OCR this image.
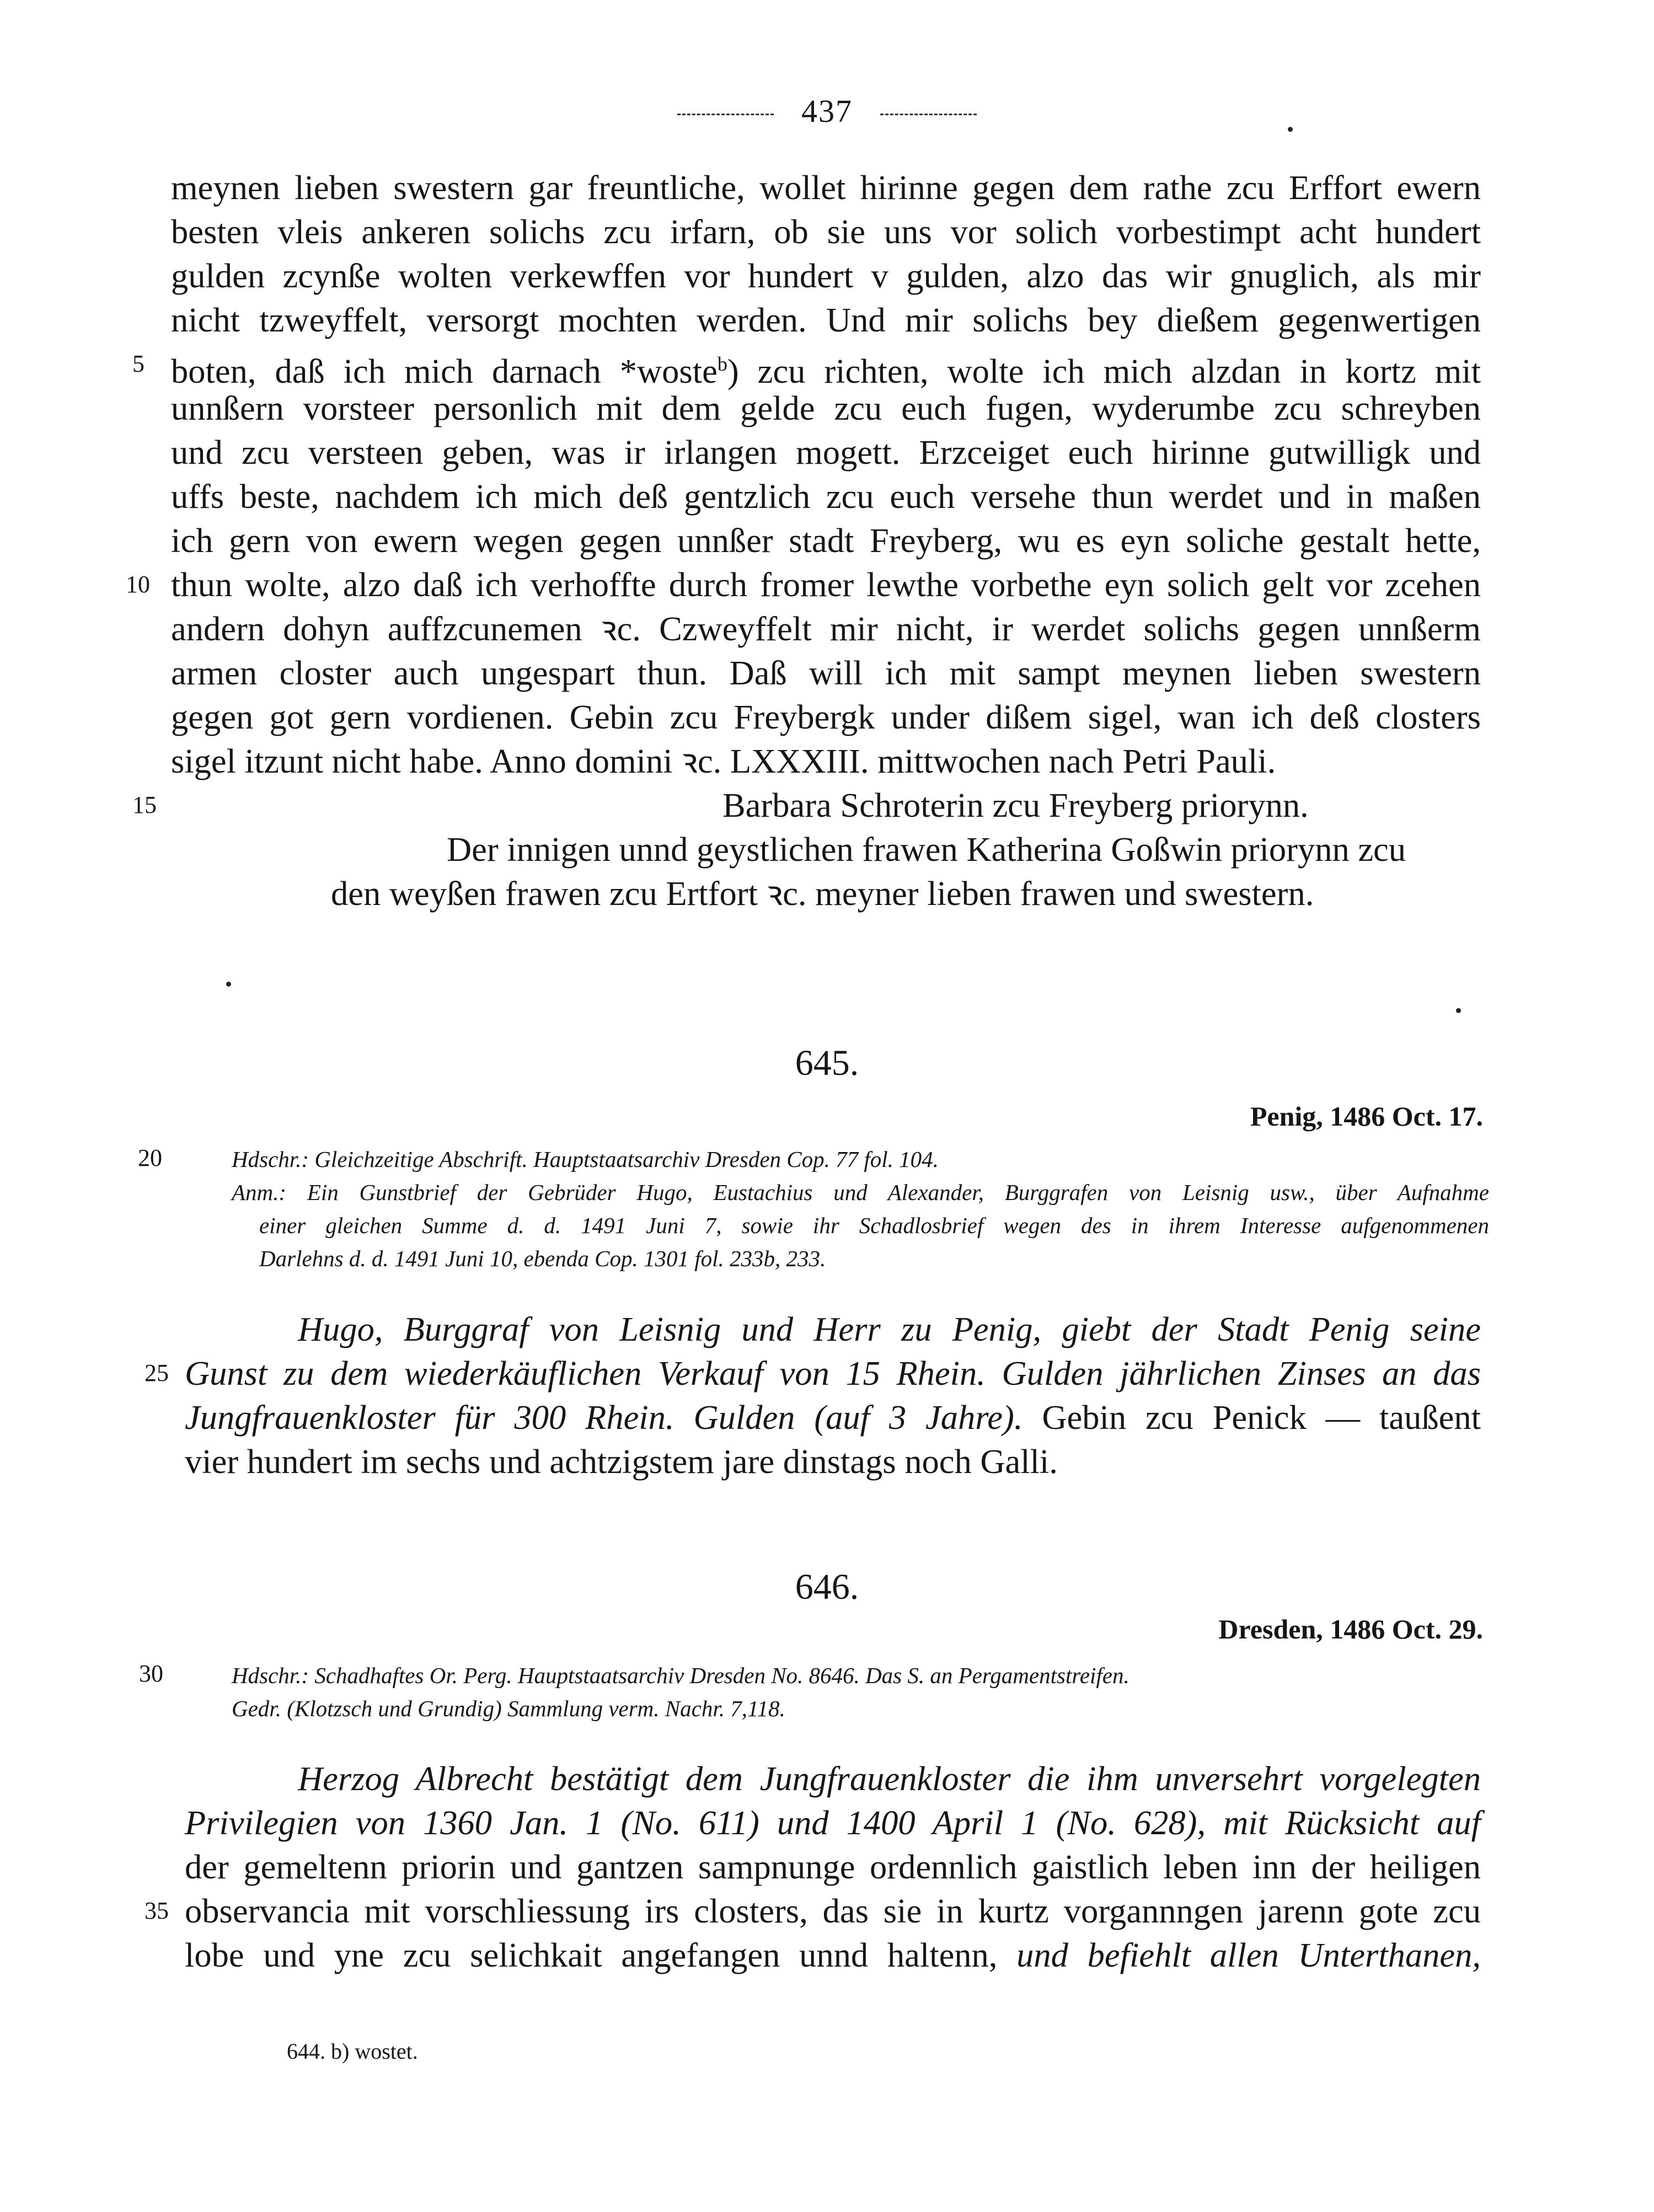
437
meynen lieben swestern gar freuntliche, wollet hirinne gegen dem rathe zcu Erffort ewern
besten vleis ankeren solichs zcu irfarn, ob sie uns vor solich vorbestimpt acht hundert
gulden zcynße wolten verkewffen vor hundert v gulden, alzo das wir gnuglich, als mir
nicht tzweyffelt, versorgt mochten werden. Und mir solichs bey dießem gegenwertigen
boten, daß ich mich darnach *woste$^b$) zcu richten, wolte ich mich alzdan in kortz mit
unnßern vorsteer personlich mit dem gelde zcu euch fugen, wyderumbe zcu schreyben
und zcu versteen geben, was ir irlangen mogett. Erzceiget euch hirinne gutwilligk und
uffs beste, nachdem ich mich deß gentzlich zcu euch versehe thun werdet und in maßen
ich gern von ewern wegen gegen unnßer stadt Freyberg, wu es eyn soliche gestalt hette,
thun wolte, alzo daß ich verhoffte durch fromer lewthe vorbethe eyn solich gelt vor zcehen
andern dohyn auffzcunemen ꝛc. Czweyffelt mir nicht, ir werdet solichs gegen unnßerm
armen closter auch ungespart thun. Daß will ich mit sampt meynen lieben swestern
gegen got gern vordienen. Gebin zcu Freybergk under dißem sigel, wan ich deß closters
sigel itzunt nicht habe. Anno domini ꝛc. LXXXIII. mittwochen nach Petri Pauli.
Barbara Schroterin zcu Freyberg priorynn.
Der innigen unnd geystlichen frawen Katherina Goßwin priorynn zcu
den weyßen frawen zcu Ertfort ꝛc. meyner lieben frawen und swestern.
5
10
15
645.
Penig, 1486 Oct. 17.
20	Hdschr.: Gleichzeitige Abschrift. Hauptstaatsarchiv Dresden Cop. 77 fol. 104.
Anm.: Ein Gunstbrief der Gebrüder Hugo, Eustachius und Alexander, Burggrafen von Leisnig usw., über Aufnahme
einer gleichen Summe d. d. 1491 Juni 7, sowie ihr Schadlosbrief wegen des in ihrem Interesse aufgenommenen
Darlehns d. d. 1491 Juni 10, ebenda Cop. 1301 fol. 233b, 233.
Hugo, Burggraf von Leisnig und Herr zu Penig, giebt der Stadt Penig seine
25 Gunst zu dem wiederkäuflichen Verkauf von 15 Rhein. Gulden jährlichen Zinses an das
Jungfrauenkloster für 300 Rhein. Gulden (auf 3 Jahre). Gebin zcu Penick — taußent
vier hundert im sechs und achtzigstem jare dinstags noch Galli.
646.
Dresden, 1486 Oct. 29.
30	Hdschr.: Schadhaftes Or. Perg. Hauptstaatsarchiv Dresden No. 8646. Das S. an Pergamentstreifen.
Gedr. (Klotzsch und Grundig) Sammlung verm. Nachr. 7,118.
Herzog Albrecht bestätigt dem Jungfrauenkloster die ihm unversehrt vorgelegten
Privilegien von 1360 Jan. 1 (No. 611) und 1400 April 1 (No. 628), mit Rücksicht auf
der gemeltenn priorin und gantzen sampnunge ordennlich gaistlich leben inn der heiligen
35 observancia mit vorschliessung irs closters, das sie in kurtz vorgannngen jarenn gote zcu
lobe und yne zcu selichkait angefangen unnd haltenn, und befiehlt allen Unterthanen,
644. b) wostet.
